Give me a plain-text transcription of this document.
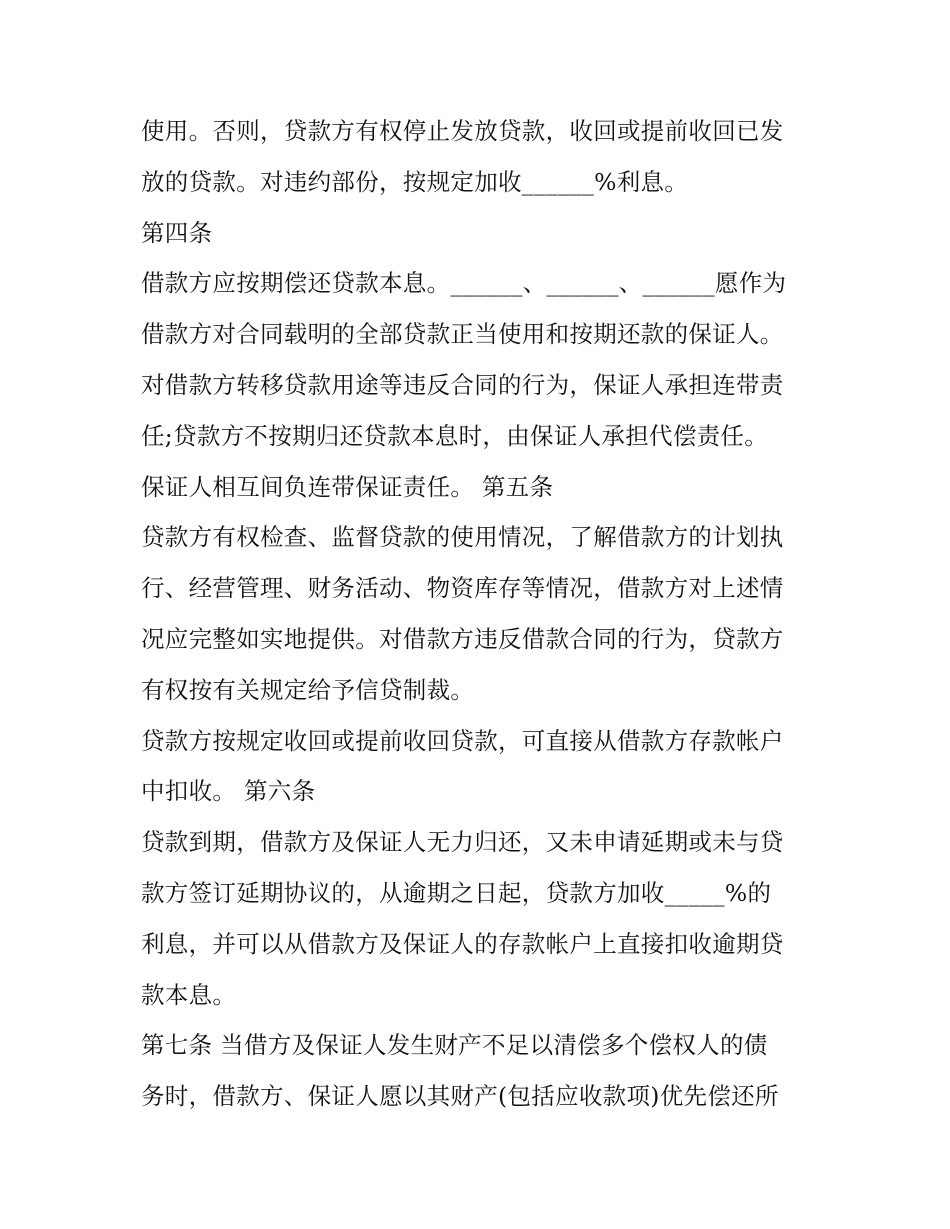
使用。否则，贷款方有权停止发放贷款，收回或提前收回已发
放的贷款。对违约部份，按规定加收______%利息。
第四条
借款方应按期偿还贷款本息。______、______、______愿作为
借款方对合同载明的全部贷款正当使用和按期还款的保证人。
对借款方转移贷款用途等违反合同的行为，保证人承担连带责
任;贷款方不按期归还贷款本息时，由保证人承担代偿责任。
保证人相互间负连带保证责任。 第五条
贷款方有权检查、监督贷款的使用情况，了解借款方的计划执
行、经营管理、财务活动、物资库存等情况，借款方对上述情
况应完整如实地提供。对借款方违反借款合同的行为，贷款方
有权按有关规定给予信贷制裁。
贷款方按规定收回或提前收回贷款，可直接从借款方存款帐户
中扣收。 第六条
贷款到期，借款方及保证人无力归还，又未申请延期或未与贷
款方签订延期协议的，从逾期之日起，贷款方加收_____%的
利息，并可以从借款方及保证人的存款帐户上直接扣收逾期贷
款本息。
第七条 当借方及保证人发生财产不足以清偿多个偿权人的债
务时，借款方、保证人愿以其财产(包括应收款项)优先偿还所
